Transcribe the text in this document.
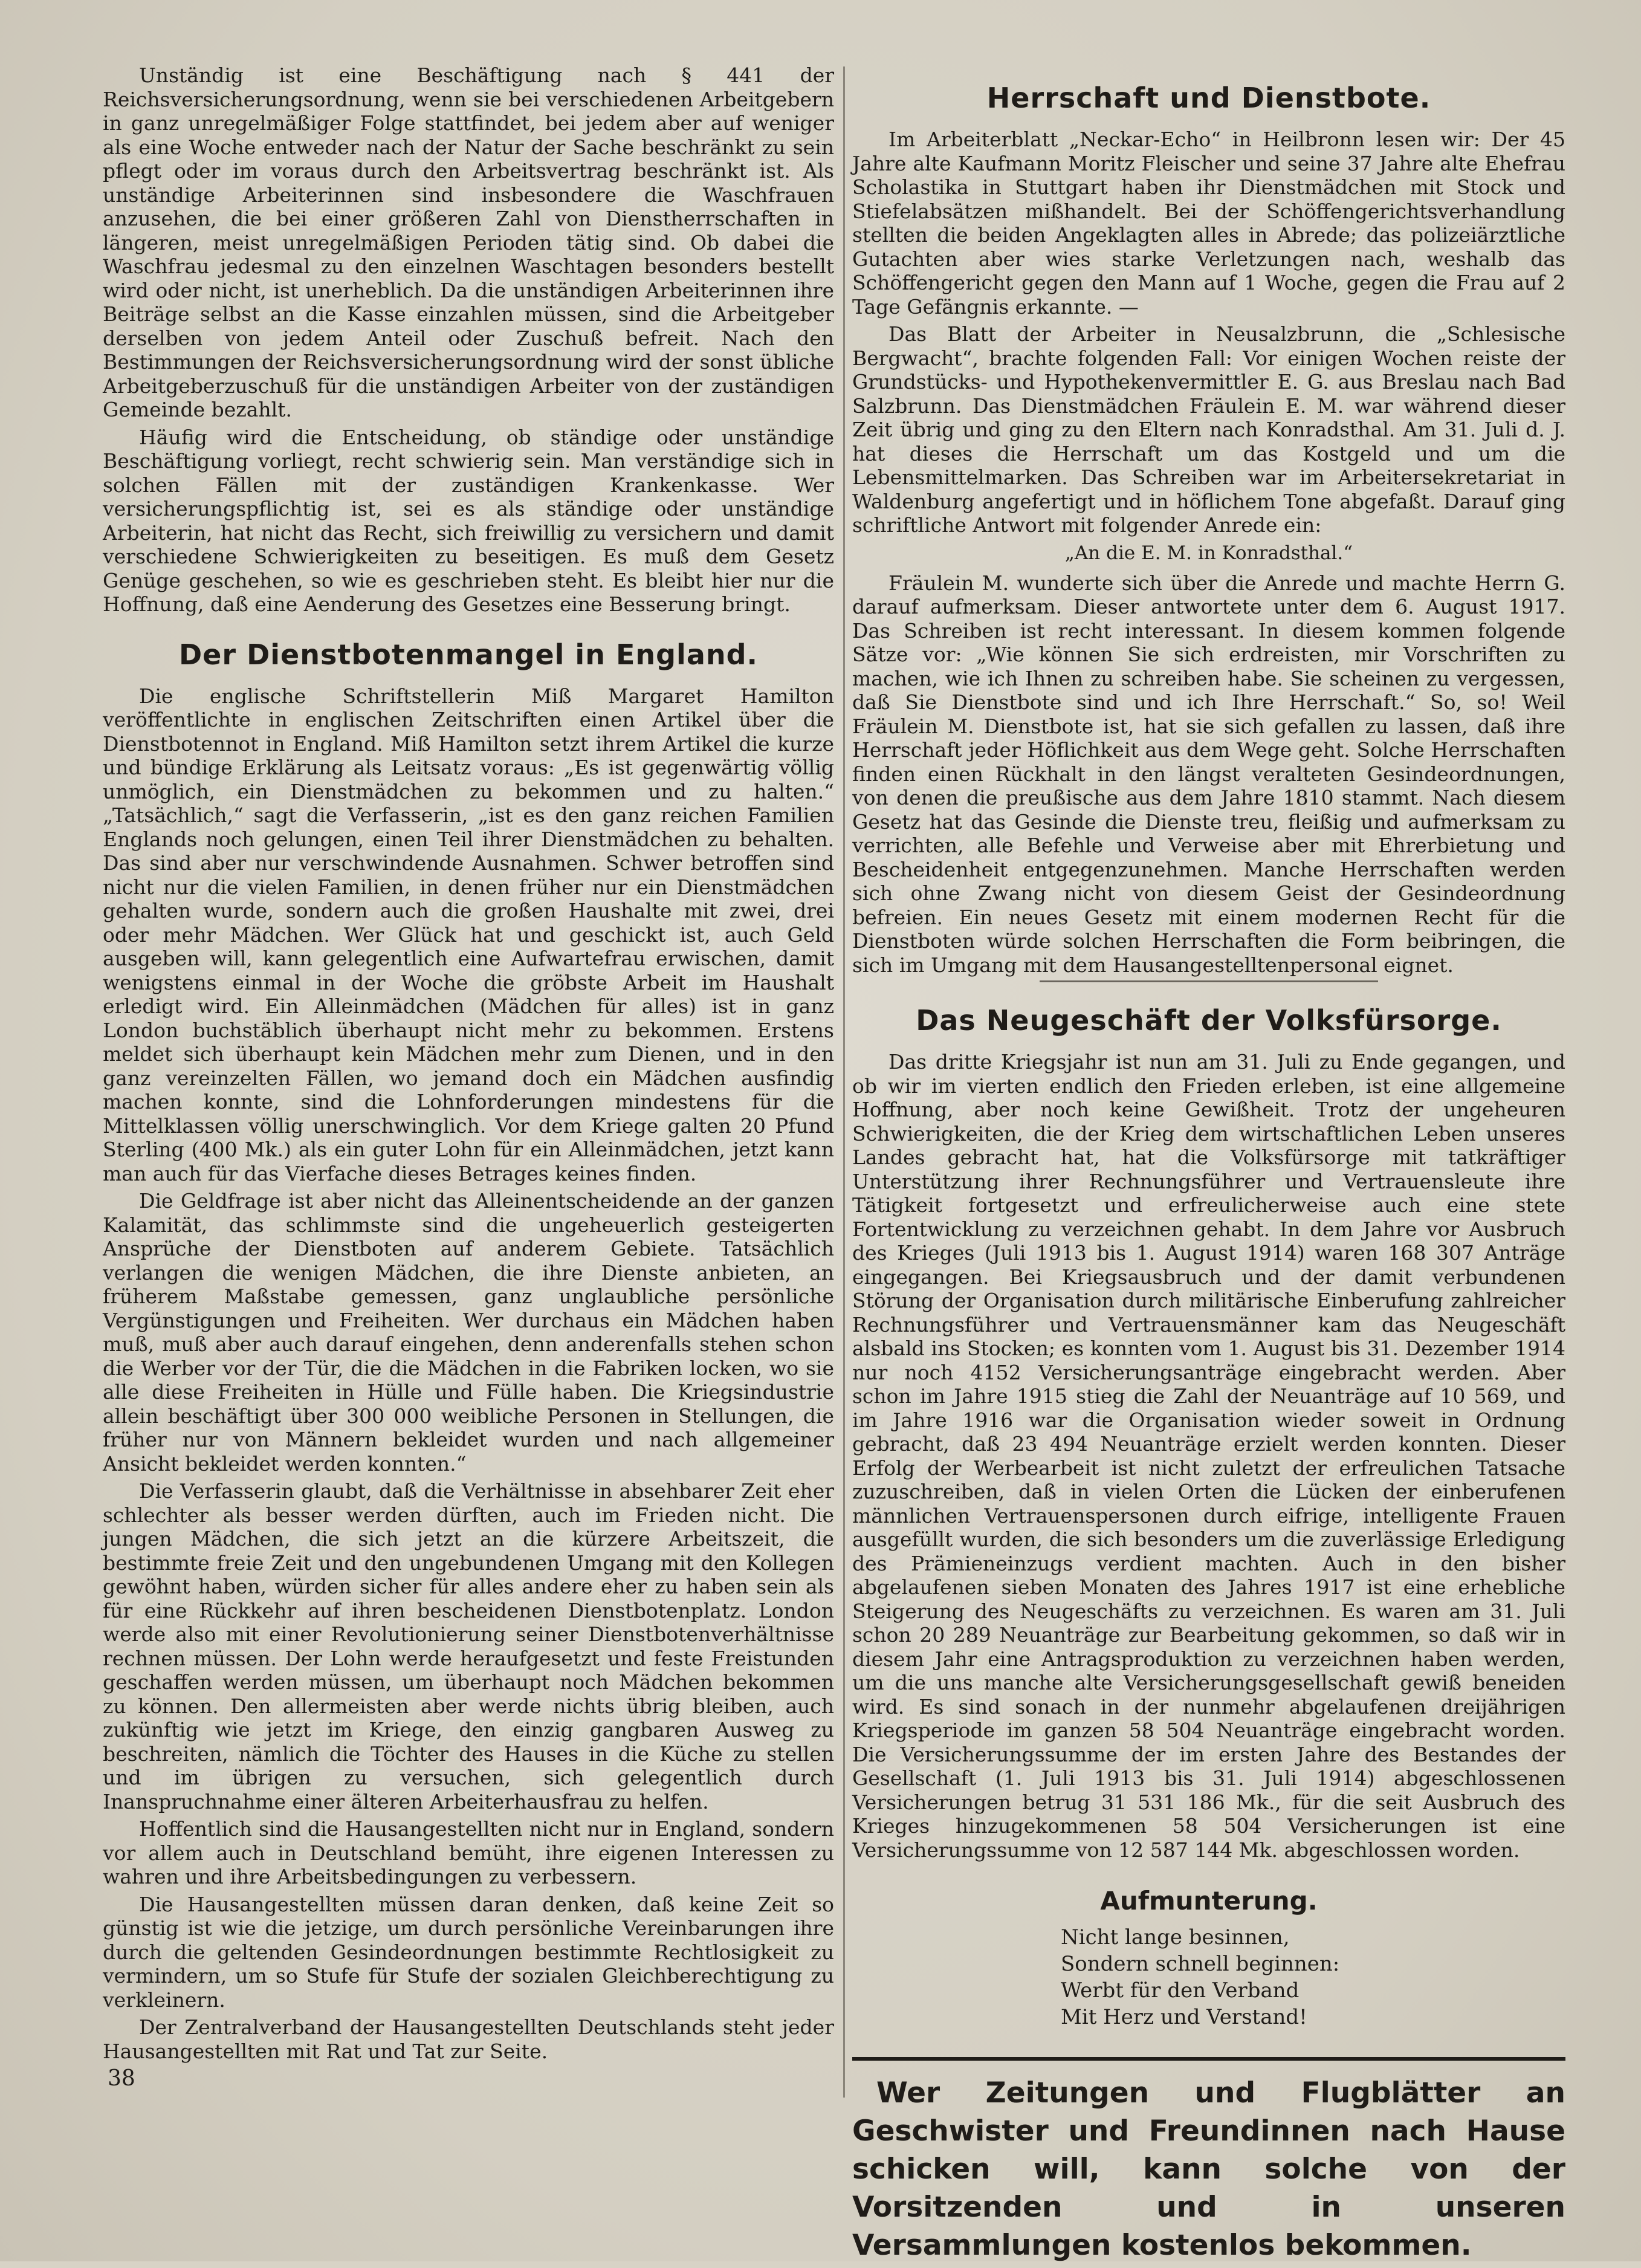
Unständig ist eine Beschäftigung nach § 441 der Reichsversicherungsordnung, wenn sie bei verschiedenen Arbeitgebern in ganz unregelmäßiger Folge stattfindet, bei jedem aber auf weniger als eine Woche entweder nach der Natur der Sache beschränkt zu sein pflegt oder im voraus durch den Arbeitsvertrag beschränkt ist. Als unständige Arbeiterinnen sind insbesondere die Waschfrauen anzusehen, die bei einer größeren Zahl von Dienstherrschaften in längeren, meist unregelmäßigen Perioden tätig sind. Ob dabei die Waschfrau jedesmal zu den einzelnen Waschtagen besonders bestellt wird oder nicht, ist unerheblich. Da die unständigen Arbeiterinnen ihre Beiträge selbst an die Kasse einzahlen müssen, sind die Arbeitgeber derselben von jedem Anteil oder Zuschuß befreit. Nach den Bestimmungen der Reichsversicherungsordnung wird der sonst übliche Arbeitgeberzuschuß für die unständigen Arbeiter von der zuständigen Gemeinde bezahlt.

Häufig wird die Entscheidung, ob ständige oder unständige Beschäftigung vorliegt, recht schwierig sein. Man verständige sich in solchen Fällen mit der zuständigen Krankenkasse. Wer versicherungspflichtig ist, sei es als ständige oder unständige Arbeiterin, hat nicht das Recht, sich freiwillig zu versichern und damit verschiedene Schwierigkeiten zu beseitigen. Es muß dem Gesetz Genüge geschehen, so wie es geschrieben steht. Es bleibt hier nur die Hoffnung, daß eine Aenderung des Gesetzes eine Besserung bringt.

Der Dienstbotenmangel in England.

Die englische Schriftstellerin Miß Margaret Hamilton veröffentlichte in englischen Zeitschriften einen Artikel über die Dienstbotennot in England. Miß Hamilton setzt ihrem Artikel die kurze und bündige Erklärung als Leitsatz voraus: „Es ist gegenwärtig völlig unmöglich, ein Dienstmädchen zu bekommen und zu halten.“ „Tatsächlich,“ sagt die Verfasserin, „ist es den ganz reichen Familien Englands noch gelungen, einen Teil ihrer Dienstmädchen zu behalten. Das sind aber nur verschwindende Ausnahmen. Schwer betroffen sind nicht nur die vielen Familien, in denen früher nur ein Dienstmädchen gehalten wurde, sondern auch die großen Haushalte mit zwei, drei oder mehr Mädchen. Wer Glück hat und geschickt ist, auch Geld ausgeben will, kann gelegentlich eine Aufwartefrau erwischen, damit wenigstens einmal in der Woche die gröbste Arbeit im Haushalt erledigt wird. Ein Alleinmädchen (Mädchen für alles) ist in ganz London buchstäblich überhaupt nicht mehr zu bekommen. Erstens meldet sich überhaupt kein Mädchen mehr zum Dienen, und in den ganz vereinzelten Fällen, wo jemand doch ein Mädchen ausfindig machen konnte, sind die Lohnforderungen mindestens für die Mittelklassen völlig unerschwinglich. Vor dem Kriege galten 20 Pfund Sterling (400 Mk.) als ein guter Lohn für ein Alleinmädchen, jetzt kann man auch für das Vierfache dieses Betrages keines finden.

Die Geldfrage ist aber nicht das Alleinentscheidende an der ganzen Kalamität, das schlimmste sind die ungeheuerlich gesteigerten Ansprüche der Dienstboten auf anderem Gebiete. Tatsächlich verlangen die wenigen Mädchen, die ihre Dienste anbieten, an früherem Maßstabe gemessen, ganz unglaubliche persönliche Vergünstigungen und Freiheiten. Wer durchaus ein Mädchen haben muß, muß aber auch darauf eingehen, denn anderenfalls stehen schon die Werber vor der Tür, die die Mädchen in die Fabriken locken, wo sie alle diese Freiheiten in Hülle und Fülle haben. Die Kriegsindustrie allein beschäftigt über 300 000 weibliche Personen in Stellungen, die früher nur von Männern bekleidet wurden und nach allgemeiner Ansicht bekleidet werden konnten.“

Die Verfasserin glaubt, daß die Verhältnisse in absehbarer Zeit eher schlechter als besser werden dürften, auch im Frieden nicht. Die jungen Mädchen, die sich jetzt an die kürzere Arbeitszeit, die bestimmte freie Zeit und den ungebundenen Umgang mit den Kollegen gewöhnt haben, würden sicher für alles andere eher zu haben sein als für eine Rückkehr auf ihren bescheidenen Dienstbotenplatz. London werde also mit einer Revolutionierung seiner Dienstbotenverhältnisse rechnen müssen. Der Lohn werde heraufgesetzt und feste Freistunden geschaffen werden müssen, um überhaupt noch Mädchen bekommen zu können. Den allermeisten aber werde nichts übrig bleiben, auch zukünftig wie jetzt im Kriege, den einzig gangbaren Ausweg zu beschreiten, nämlich die Töchter des Hauses in die Küche zu stellen und im übrigen zu versuchen, sich gelegentlich durch Inanspruchnahme einer älteren Arbeiterhausfrau zu helfen.

Hoffentlich sind die Hausangestellten nicht nur in England, sondern vor allem auch in Deutschland bemüht, ihre eigenen Interessen zu wahren und ihre Arbeitsbedingungen zu verbessern.

Die Hausangestellten müssen daran denken, daß keine Zeit so günstig ist wie die jetzige, um durch persönliche Vereinbarungen ihre durch die geltenden Gesindeordnungen bestimmte Rechtlosigkeit zu vermindern, um so Stufe für Stufe der sozialen Gleichberechtigung zu verkleinern.

Der Zentralverband der Hausangestellten Deutschlands steht jeder Hausangestellten mit Rat und Tat zur Seite.

Herrschaft und Dienstbote.

Im Arbeiterblatt „Neckar-Echo“ in Heilbronn lesen wir: Der 45 Jahre alte Kaufmann Moritz Fleischer und seine 37 Jahre alte Ehefrau Scholastika in Stuttgart haben ihr Dienstmädchen mit Stock und Stiefelabsätzen mißhandelt. Bei der Schöffengerichtsverhandlung stellten die beiden Angeklagten alles in Abrede; das polizeiärztliche Gutachten aber wies starke Verletzungen nach, weshalb das Schöffengericht gegen den Mann auf 1 Woche, gegen die Frau auf 2 Tage Gefängnis erkannte. —

Das Blatt der Arbeiter in Neusalzbrunn, die „Schlesische Bergwacht“, brachte folgenden Fall: Vor einigen Wochen reiste der Grundstücks- und Hypothekenvermittler E. G. aus Breslau nach Bad Salzbrunn. Das Dienstmädchen Fräulein E. M. war während dieser Zeit übrig und ging zu den Eltern nach Konradsthal. Am 31. Juli d. J. hat dieses die Herrschaft um das Kostgeld und um die Lebensmittelmarken. Das Schreiben war im Arbeitersekretariat in Waldenburg angefertigt und in höflichem Tone abgefaßt. Darauf ging schriftliche Antwort mit folgender Anrede ein:

„An die E. M. in Konradsthal.“

Fräulein M. wunderte sich über die Anrede und machte Herrn G. darauf aufmerksam. Dieser antwortete unter dem 6. August 1917. Das Schreiben ist recht interessant. In diesem kommen folgende Sätze vor: „Wie können Sie sich erdreisten, mir Vorschriften zu machen, wie ich Ihnen zu schreiben habe. Sie scheinen zu vergessen, daß Sie Dienstbote sind und ich Ihre Herrschaft.“ So, so! Weil Fräulein M. Dienstbote ist, hat sie sich gefallen zu lassen, daß ihre Herrschaft jeder Höflichkeit aus dem Wege geht. Solche Herrschaften finden einen Rückhalt in den längst veralteten Gesindeordnungen, von denen die preußische aus dem Jahre 1810 stammt. Nach diesem Gesetz hat das Gesinde die Dienste treu, fleißig und aufmerksam zu verrichten, alle Befehle und Verweise aber mit Ehrerbietung und Bescheidenheit entgegenzunehmen. Manche Herrschaften werden sich ohne Zwang nicht von diesem Geist der Gesindeordnung befreien. Ein neues Gesetz mit einem modernen Recht für die Dienstboten würde solchen Herrschaften die Form beibringen, die sich im Umgang mit dem Hausangestelltenpersonal eignet.

Das Neugeschäft der Volksfürsorge.

Das dritte Kriegsjahr ist nun am 31. Juli zu Ende gegangen, und ob wir im vierten endlich den Frieden erleben, ist eine allgemeine Hoffnung, aber noch keine Gewißheit. Trotz der ungeheuren Schwierigkeiten, die der Krieg dem wirtschaftlichen Leben unseres Landes gebracht hat, hat die Volksfürsorge mit tatkräftiger Unterstützung ihrer Rechnungsführer und Vertrauensleute ihre Tätigkeit fortgesetzt und erfreulicherweise auch eine stete Fortentwicklung zu verzeichnen gehabt. In dem Jahre vor Ausbruch des Krieges (Juli 1913 bis 1. August 1914) waren 168 307 Anträge eingegangen. Bei Kriegsausbruch und der damit verbundenen Störung der Organisation durch militärische Einberufung zahlreicher Rechnungsführer und Vertrauensmänner kam das Neugeschäft alsbald ins Stocken; es konnten vom 1. August bis 31. Dezember 1914 nur noch 4152 Versicherungsanträge eingebracht werden. Aber schon im Jahre 1915 stieg die Zahl der Neuanträge auf 10 569, und im Jahre 1916 war die Organisation wieder soweit in Ordnung gebracht, daß 23 494 Neuanträge erzielt werden konnten. Dieser Erfolg der Werbearbeit ist nicht zuletzt der erfreulichen Tatsache zuzuschreiben, daß in vielen Orten die Lücken der einberufenen männlichen Vertrauenspersonen durch eifrige, intelligente Frauen ausgefüllt wurden, die sich besonders um die zuverlässige Erledigung des Prämieneinzugs verdient machten. Auch in den bisher abgelaufenen sieben Monaten des Jahres 1917 ist eine erhebliche Steigerung des Neugeschäfts zu verzeichnen. Es waren am 31. Juli schon 20 289 Neuanträge zur Bearbeitung gekommen, so daß wir in diesem Jahr eine Antragsproduktion zu verzeichnen haben werden, um die uns manche alte Versicherungsgesellschaft gewiß beneiden wird. Es sind sonach in der nunmehr abgelaufenen dreijährigen Kriegsperiode im ganzen 58 504 Neuanträge eingebracht worden. Die Versicherungssumme der im ersten Jahre des Bestandes der Gesellschaft (1. Juli 1913 bis 31. Juli 1914) abgeschlossenen Versicherungen betrug 31 531 186 Mk., für die seit Ausbruch des Krieges hinzugekommenen 58 504 Versicherungen ist eine Versicherungssumme von 12 587 144 Mk. abgeschlossen worden.

Aufmunterung.
Nicht lange besinnen,
Sondern schnell beginnen:
Werbt für den Verband
Mit Herz und Verstand!

Wer Zeitungen und Flugblätter an Geschwister und Freundinnen nach Hause schicken will, kann solche von der Vorsitzenden und in unseren Versammlungen kostenlos bekommen.

38
